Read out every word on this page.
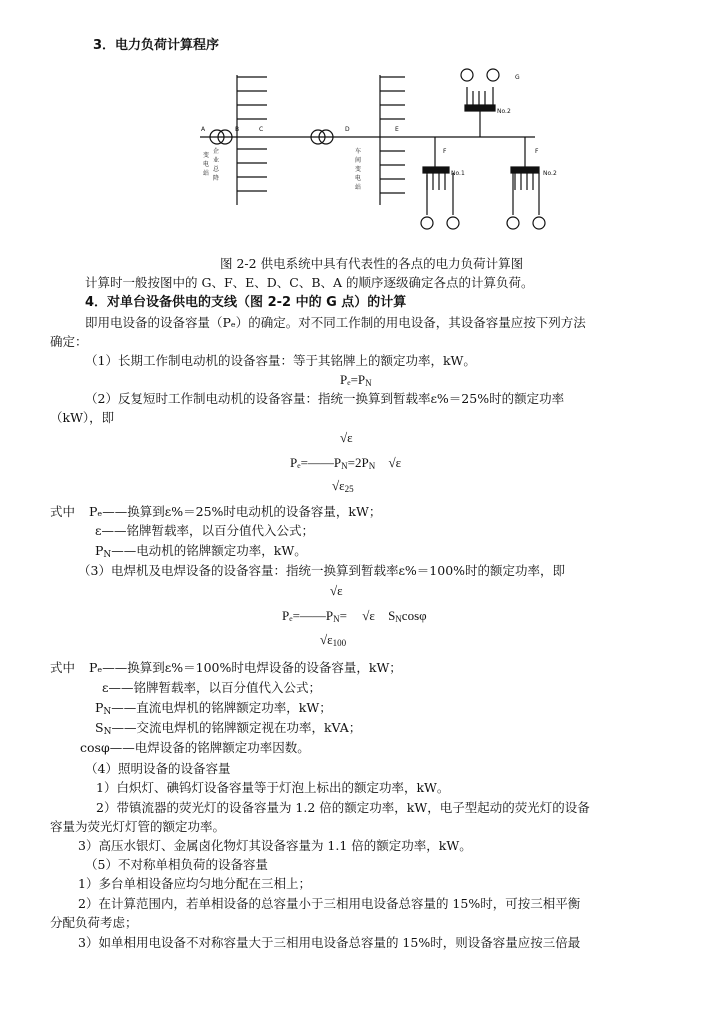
3．电力负荷计算程序
A	B	C	D	E
F	F
G
No.1
No.2
No.2
变
电
站
企
业
总
降
车
间
变
电
站
图 2-2 供电系统中具有代表性的各点的电力负荷计算图
计算时一般按图中的 G、F、E、D、C、B、A 的顺序逐级确定各点的计算负荷。
4．对单台设备供电的支线（图 2-2 中的 G 点）的计算
即用电设备的设备容量（Pₑ）的确定。对不同工作制的用电设备，其设备容量应按下列方法
确定：
（1）长期工作制电动机的设备容量：等于其铭牌上的额定功率，kW。
$P_e=P_N$
（2）反复短时工作制电动机的设备容量：指统一换算到暂载率ε%＝25%时的额定功率
（kW），即
√ε
$P_e=——P_N=2P_N$ √ε
$√\varepsilon_{25}$
式中 Pₑ——换算到ε%＝25%时电动机的设备容量，kW；
ε——铭牌暂载率，以百分值代入公式；
$P_N——$电动机的铭牌额定功率，kW。
（3）电焊机及电焊设备的设备容量：指统一换算到暂载率ε%＝100%时的额定功率，即
√ε
$P_e=——P_N= √\varepsilon$ $S_N\cos\varphi$
$√\varepsilon_{100}$
式中 Pₑ——换算到ε%＝100%时电焊设备的设备容量，kW；
ε——铭牌暂载率，以百分值代入公式；
$P_N——$直流电焊机的铭牌额定功率，kW；
$S_N——$交流电焊机的铭牌额定视在功率，kVA；
cosφ——电焊设备的铭牌额定功率因数。
（4）照明设备的设备容量
1）白炽灯、碘钨灯设备容量等于灯泡上标出的额定功率，kW。
2）带镇流器的荧光灯的设备容量为 1.2 倍的额定功率，kW，电子型起动的荧光灯的设备
容量为荧光灯灯管的额定功率。
3）高压水银灯、金属卤化物灯其设备容量为 1.1 倍的额定功率，kW。
（5）不对称单相负荷的设备容量
1）多台单相设备应均匀地分配在三相上；
2）在计算范围内，若单相设备的总容量小于三相用电设备总容量的 15%时，可按三相平衡
分配负荷考虑；
3）如单相用电设备不对称容量大于三相用电设备总容量的 15%时，则设备容量应按三倍最
